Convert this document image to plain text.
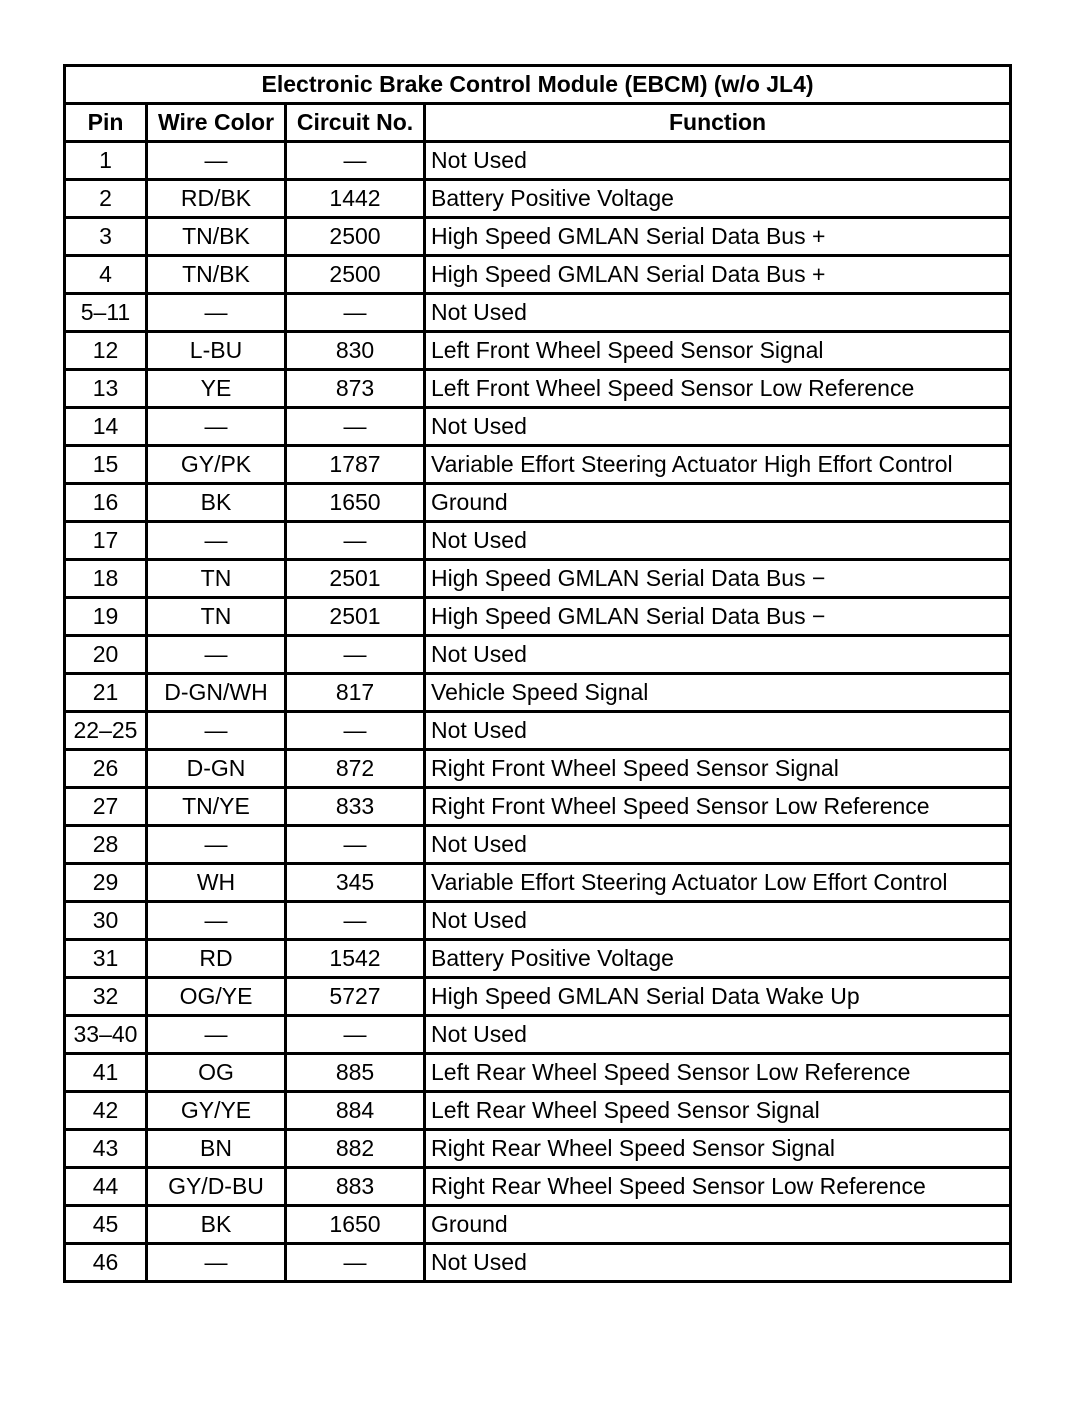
Electronic Brake Control Module (EBCM) (w/o JL4)			
Pin	Wire Color	Circuit No.	Function
1	—	—	Not Used
2	RD/BK	1442	Battery Positive Voltage
3	TN/BK	2500	High Speed GMLAN Serial Data Bus +
4	TN/BK	2500	High Speed GMLAN Serial Data Bus +
5–11	—	—	Not Used
12	L-BU	830	Left Front Wheel Speed Sensor Signal
13	YE	873	Left Front Wheel Speed Sensor Low Reference
14	—	—	Not Used
15	GY/PK	1787	Variable Effort Steering Actuator High Effort Control
16	BK	1650	Ground
17	—	—	Not Used
18	TN	2501	High Speed GMLAN Serial Data Bus −
19	TN	2501	High Speed GMLAN Serial Data Bus −
20	—	—	Not Used
21	D-GN/WH	817	Vehicle Speed Signal
22–25	—	—	Not Used
26	D-GN	872	Right Front Wheel Speed Sensor Signal
27	TN/YE	833	Right Front Wheel Speed Sensor Low Reference
28	—	—	Not Used
29	WH	345	Variable Effort Steering Actuator Low Effort Control
30	—	—	Not Used
31	RD	1542	Battery Positive Voltage
32	OG/YE	5727	High Speed GMLAN Serial Data Wake Up
33–40	—	—	Not Used
41	OG	885	Left Rear Wheel Speed Sensor Low Reference
42	GY/YE	884	Left Rear Wheel Speed Sensor Signal
43	BN	882	Right Rear Wheel Speed Sensor Signal
44	GY/D-BU	883	Right Rear Wheel Speed Sensor Low Reference
45	BK	1650	Ground
46	—	—	Not Used
